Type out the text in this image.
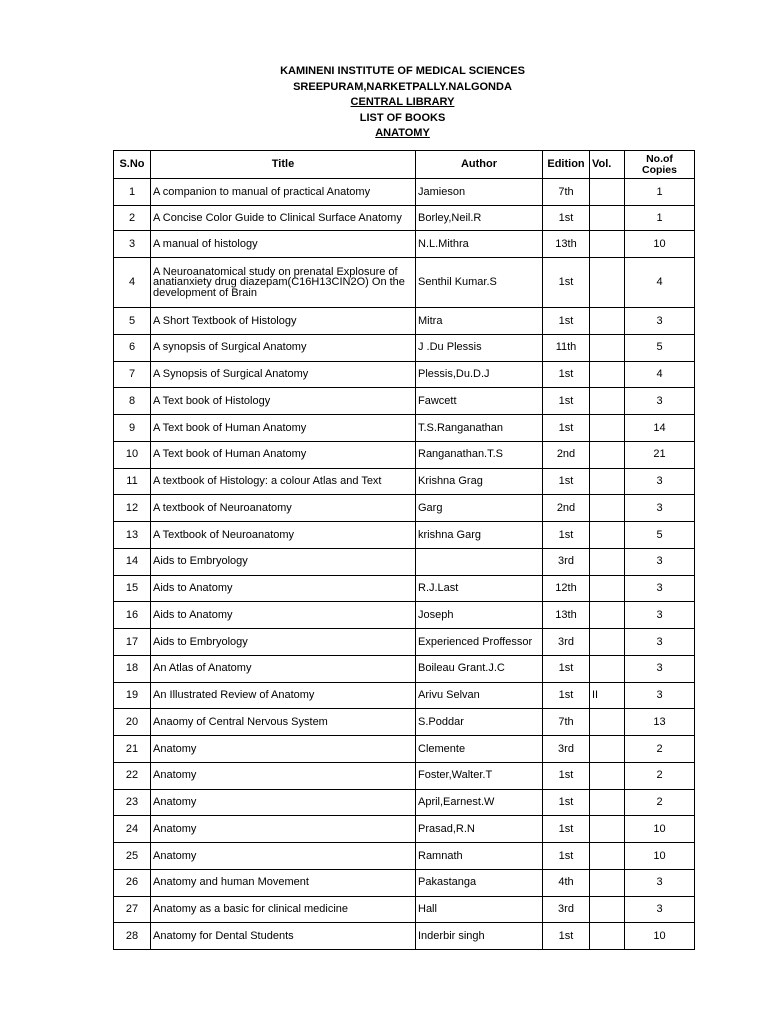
KAMINENI INSTITUTE OF MEDICAL SCIENCES
SREEPURAM,NARKETPALLY.NALGONDA
CENTRAL LIBRARY
LIST OF BOOKS
ANATOMY
S.No	Title	Author	Edition	Vol.	No.of
Copies

1	A companion to manual of practical Anatomy	Jamieson	7th		1
2	A Concise Color Guide to Clinical Surface Anatomy	Borley,Neil.R	1st		1
3	A manual of histology	N.L.Mithra	13th		10
4	A Neuroanatomical study on prenatal Explosure of anatianxiety drug diazepam(C16H13CIN2O) On the development of Brain	Senthil Kumar.S	1st		4
5	A Short Textbook of Histology	Mitra	1st		3
6	A synopsis of Surgical Anatomy	J .Du Plessis	11th		5
7	A Synopsis of Surgical Anatomy	Plessis,Du.D.J	1st		4
8	A Text book of Histology	Fawcett	1st		3
9	A Text book of Human Anatomy	T.S.Ranganathan	1st		14
10	A Text book of Human Anatomy	Ranganathan.T.S	2nd		21
11	A textbook of Histology: a colour Atlas and Text	Krishna Grag	1st		3
12	A textbook of Neuroanatomy	Garg	2nd		3
13	A Textbook of Neuroanatomy	krishna Garg	1st		5
14	Aids to Embryology		3rd		3
15	Aids to Anatomy	R.J.Last	12th		3
16	Aids to Anatomy	Joseph	13th		3
17	Aids to Embryology	Experienced Proffessor	3rd		3
18	An Atlas of Anatomy	Boileau Grant.J.C	1st		3
19	An Illustrated Review of Anatomy	Arivu Selvan	1st	II	3
20	Anaomy of Central Nervous System	S.Poddar	7th		13
21	Anatomy	Clemente	3rd		2
22	Anatomy	Foster,Walter.T	1st		2
23	Anatomy	April,Earnest.W	1st		2
24	Anatomy	Prasad,R.N	1st		10
25	Anatomy	Ramnath	1st		10
26	Anatomy and human Movement	Pakastanga	4th		3
27	Anatomy as a basic for clinical medicine	Hall	3rd		3
28	Anatomy for Dental Students	Inderbir singh	1st		10
